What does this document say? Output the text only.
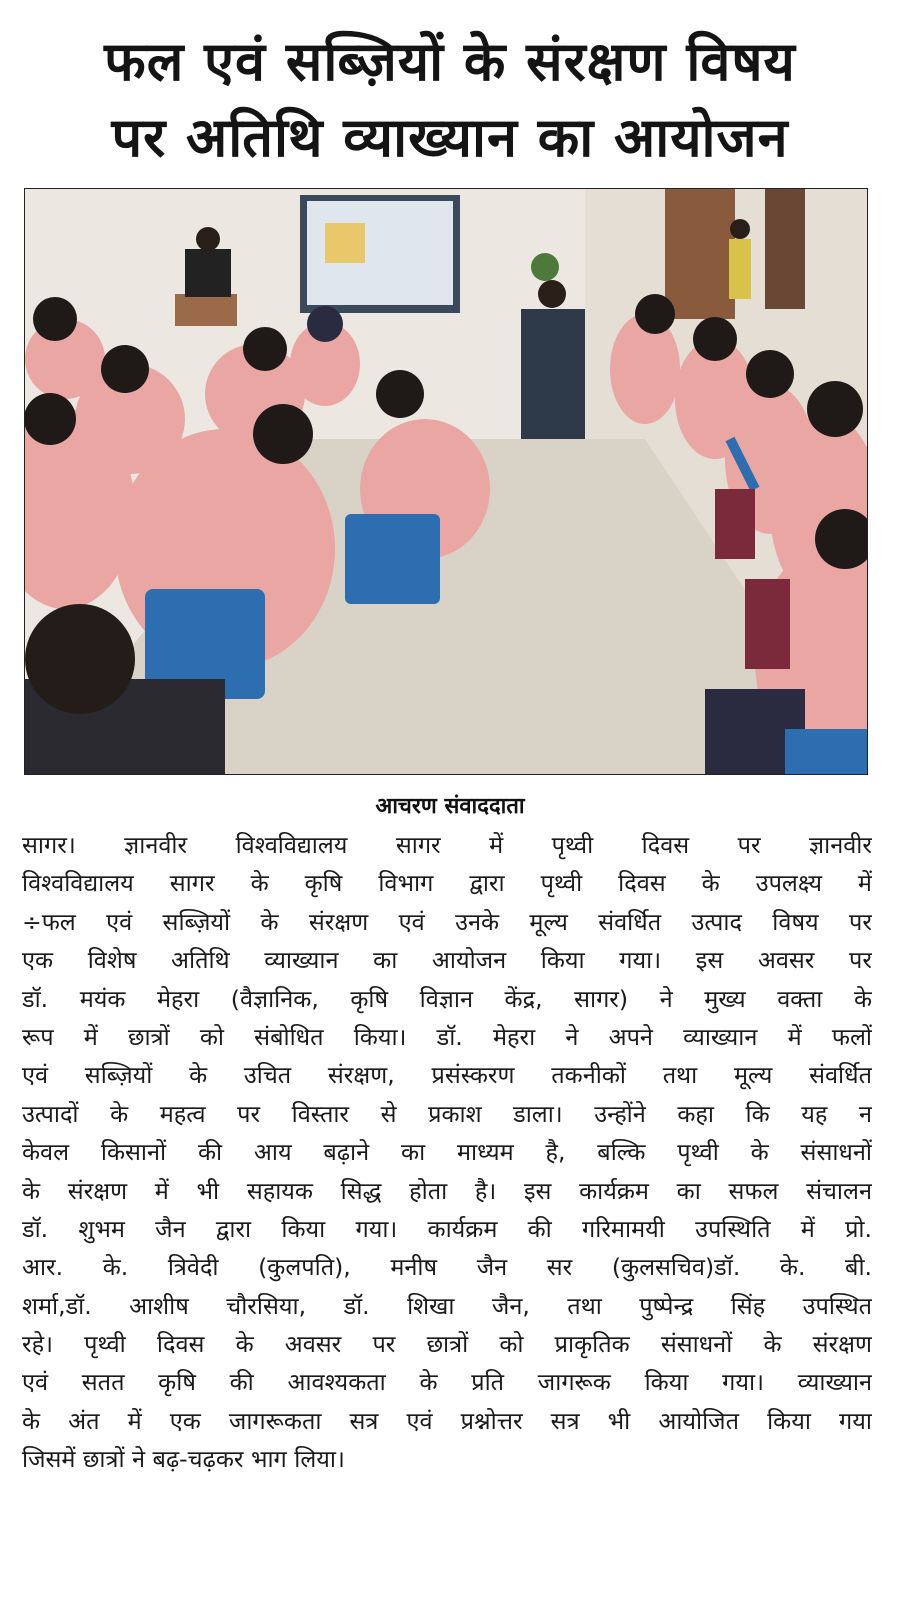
फल एवं सब्ज़ियों के संरक्षण विषय
पर अतिथि व्याख्यान का आयोजन
आचरण संवाददाता
सागर। ज्ञानवीर विश्वविद्यालय सागर में पृथ्वी दिवस पर ज्ञानवीर
विश्वविद्यालय सागर के कृषि विभाग द्वारा पृथ्वी दिवस के उपलक्ष्य में
÷फल एवं सब्ज़ियों के संरक्षण एवं उनके मूल्य संवर्धित उत्पाद विषय पर
एक विशेष अतिथि व्याख्यान का आयोजन किया गया। इस अवसर पर
डॉ. मयंक मेहरा (वैज्ञानिक, कृषि विज्ञान केंद्र, सागर) ने मुख्य वक्ता के
रूप में छात्रों को संबोधित किया। डॉ. मेहरा ने अपने व्याख्यान में फलों
एवं सब्ज़ियों के उचित संरक्षण, प्रसंस्करण तकनीकों तथा मूल्य संवर्धित
उत्पादों के महत्व पर विस्तार से प्रकाश डाला। उन्होंने कहा कि यह न
केवल किसानों की आय बढ़ाने का माध्यम है, बल्कि पृथ्वी के संसाधनों
के संरक्षण में भी सहायक सिद्ध होता है। इस कार्यक्रम का सफल संचालन
डॉ. शुभम जैन द्वारा किया गया। कार्यक्रम की गरिमामयी उपस्थिति में प्रो.
आर. के. त्रिवेदी (कुलपति), मनीष जैन सर (कुलसचिव)डॉ. के. बी.
शर्मा,डॉ. आशीष चौरसिया, डॉ. शिखा जैन, तथा पुष्पेन्द्र सिंह उपस्थित
रहे। पृथ्वी दिवस के अवसर पर छात्रों को प्राकृतिक संसाधनों के संरक्षण
एवं सतत कृषि की आवश्यकता के प्रति जागरूक किया गया। व्याख्यान
के अंत में एक जागरूकता सत्र एवं प्रश्नोत्तर सत्र भी आयोजित किया गया
जिसमें छात्रों ने बढ़-चढ़कर भाग लिया।
